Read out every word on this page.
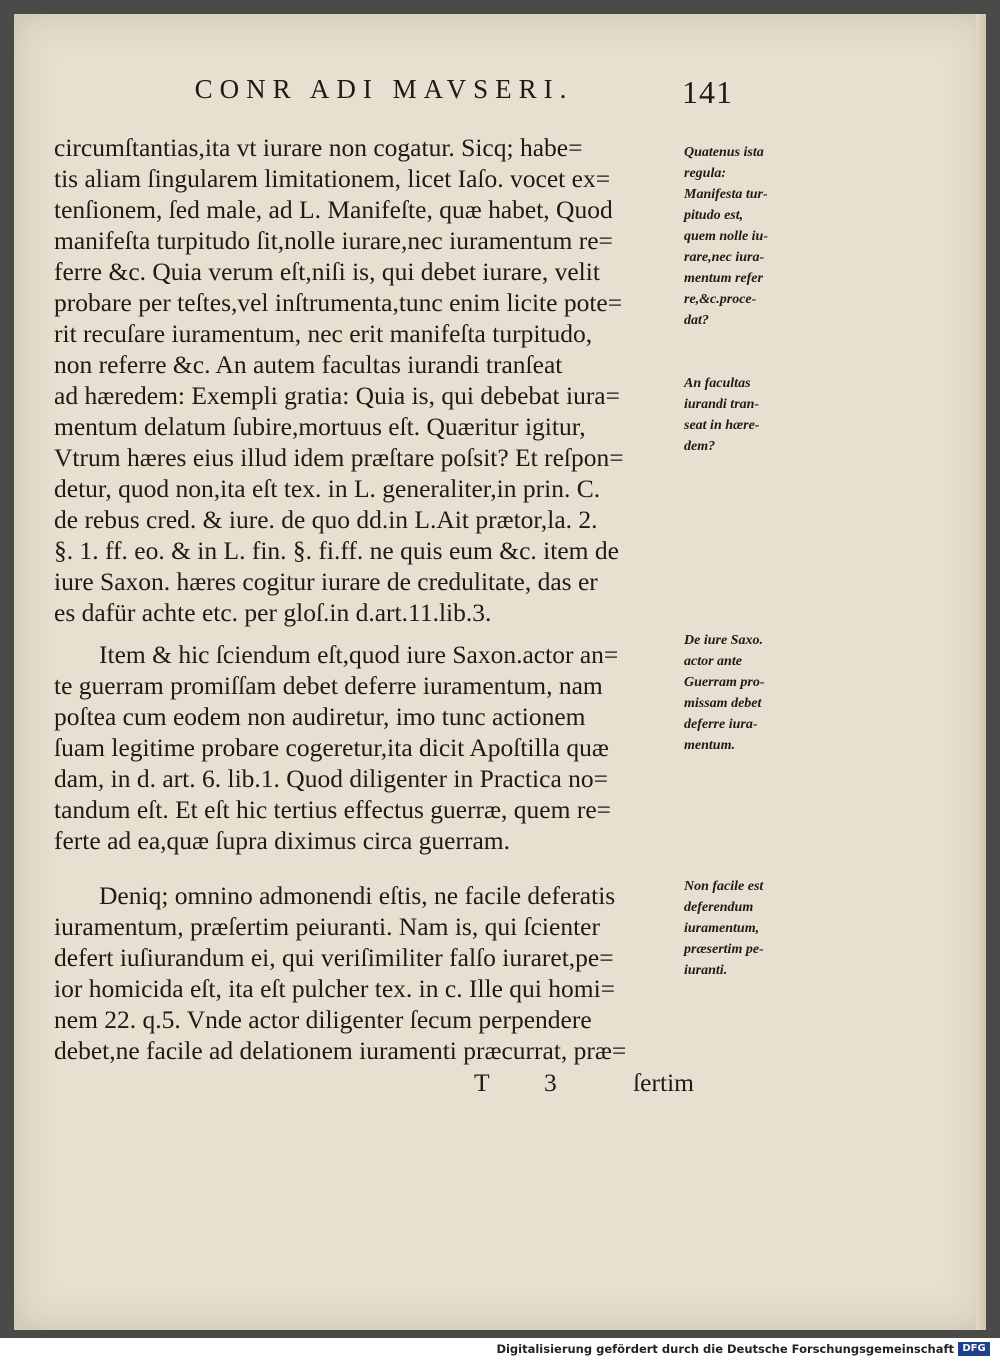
CONR ADI MAVSERI.	141
circumſtantias,ita vt iurare non cogatur. Sicq; habe=
tis aliam ſingularem limitationem, licet Iaſo. vocet ex=
tenſionem, ſed male, ad L. Manifeſte, quæ habet, Quod
manifeſta turpitudo ſit,nolle iurare,nec iuramentum re=
ferre &c. Quia verum eſt,niſi is, qui debet iurare, velit
probare per teſtes,vel inſtrumenta,tunc enim licite pote=
rit recuſare iuramentum, nec erit manifeſta turpitudo,
non referre &c. An autem facultas iurandi tranſeat
ad hæredem: Exempli gratia: Quia is, qui debebat iura=
mentum delatum ſubire,mortuus eſt. Quæritur igitur,
Vtrum hæres eius illud idem præſtare poſsit? Et reſpon=
detur, quod non,ita eſt tex. in L. generaliter,in prin. C.
de rebus cred. & iure. de quo dd.in L.Ait prætor,la. 2.
§. 1. ff. eo. & in L. fin. §. fi.ff. ne quis eum &c. item de
iure Saxon. hæres cogitur iurare de credulitate, das er
es dafür achte etc. per gloſ.in d.art.11.lib.3.
Item & hic ſciendum eſt,quod iure Saxon.actor an=
te guerram promiſſam debet deferre iuramentum, nam
poſtea cum eodem non audiretur, imo tunc actionem
ſuam legitime probare cogeretur,ita dicit Apoſtilla quæ
dam, in d. art. 6. lib.1. Quod diligenter in Practica no=
tandum eſt. Et eſt hic tertius effectus guerræ, quem re=
ferte ad ea,quæ ſupra diximus circa guerram.
Deniq; omnino admonendi eſtis, ne facile deferatis
iuramentum, præſertim peiuranti. Nam is, qui ſcienter
defert iuſiurandum ei, qui veriſimiliter falſo iuraret,pe=
ior homicida eſt, ita eſt pulcher tex. in c. Ille qui homi=
nem 22. q.5. Vnde actor diligenter ſecum perpendere
debet,ne facile ad delationem iuramenti præcurrat, præ=
T 3	ſertim
Quatenus ista
regula:
Manifesta tur-
pitudo est,
quem nolle iu-
rare,nec iura-
mentum refer
re,&c.proce-
dat?
An facultas
iurandi tran-
seat in hære-
dem?
De iure Saxo.
actor ante
Guerram pro-
missam debet
deferre iura-
mentum.
Non facile est
deferendum
iuramentum,
præsertim pe-
iuranti.
Digitalisierung gefördert durch die Deutsche Forschungsgemeinschaft DFG
